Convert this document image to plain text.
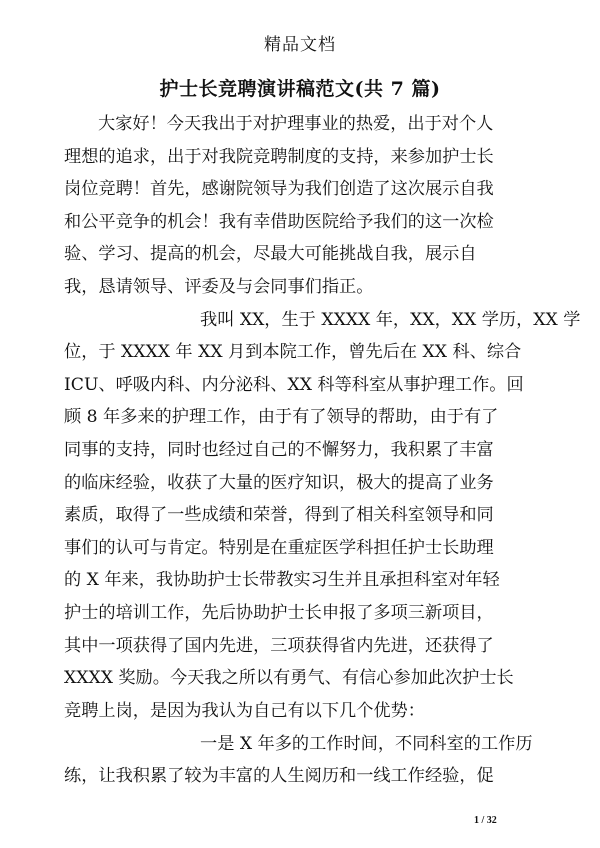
精品文档
护士长竞聘演讲稿范文(共 7 篇)
大家好！今天我出于对护理事业的热爱，出于对个人
理想的追求，出于对我院竞聘制度的支持，来参加护士长
岗位竞聘！首先，感谢院领导为我们创造了这次展示自我
和公平竞争的机会！我有幸借助医院给予我们的这一次检
验、学习、提高的机会，尽最大可能挑战自我，展示自
我，恳请领导、评委及与会同事们指正。
我叫 XX，生于 XXXX 年，XX，XX 学历，XX 学
位，于 XXXX 年 XX 月到本院工作，曾先后在 XX 科、综合
ICU、呼吸内科、内分泌科、XX 科等科室从事护理工作。回
顾 8 年多来的护理工作，由于有了领导的帮助，由于有了
同事的支持，同时也经过自己的不懈努力，我积累了丰富
的临床经验，收获了大量的医疗知识，极大的提高了业务
素质，取得了一些成绩和荣誉，得到了相关科室领导和同
事们的认可与肯定。特别是在重症医学科担任护士长助理
的 X 年来，我协助护士长带教实习生并且承担科室对年轻
护士的培训工作，先后协助护士长申报了多项三新项目，
其中一项获得了国内先进，三项获得省内先进，还获得了
XXXX 奖励。今天我之所以有勇气、有信心参加此次护士长
竞聘上岗，是因为我认为自己有以下几个优势：
一是 X 年多的工作时间，不同科室的工作历
练，让我积累了较为丰富的人生阅历和一线工作经验，促
1 / 32
